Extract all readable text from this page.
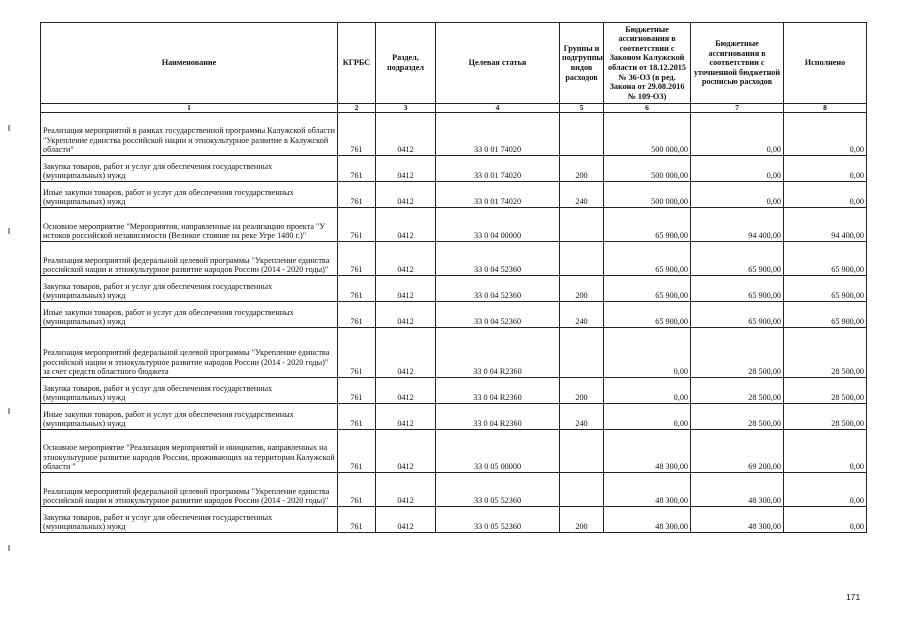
Наименование	КГРБС	Раздел, подраздел	Целевая статья	Группы и подгруппы видов расходов	Бюджетные ассигнования в соответствии с Законом Калужской области от 18.12.2015 № 36-ОЗ (в ред. Закона от 29.08.2016 № 109-ОЗ)	Бюджетные ассигнования в соответствии с уточненной бюджетной росписью расходов	Исполнено
1	2	3	4	5	6	7	8
Реализация мероприятий в рамках государственной программы Калужской области "Укрепление единства российской нации и этнокультурное развитие в Калужской области"	761	0412	33 0 01 74020		500 000,00	0,00	0,00
Закупка товаров, работ и услуг для обеспечения государственных (муниципальных) нужд	761	0412	33 0 01 74020	200	500 000,00	0,00	0,00
Иные закупки товаров, работ и услуг для обеспечения государственных (муниципальных) нужд	761	0412	33 0 01 74020	240	500 000,00	0,00	0,00
Основное мероприятие "Мероприятия, направленные на реализацию проекта "У истоков российской независимости (Великое стояние на реке Угре 1480 г.)"	761	0412	33 0 04 00000		65 900,00	94 400,00	94 400,00
Реализация мероприятий федеральной целевой программы "Укрепление единства российской нации и этнокультурное развитие народов России (2014 - 2020 годы)"	761	0412	33 0 04 52360		65 900,00	65 900,00	65 900,00
Закупка товаров, работ и услуг для обеспечения государственных (муниципальных) нужд	761	0412	33 0 04 52360	200	65 900,00	65 900,00	65 900,00
Иные закупки товаров, работ и услуг для обеспечения государственных (муниципальных) нужд	761	0412	33 0 04 52360	240	65 900,00	65 900,00	65 900,00
Реализация мероприятий федеральной целевой программы "Укрепление единства российской нации и этнокультурное развитие народов России (2014 - 2020 годы)" за счет средств областного бюджета	761	0412	33 0 04 R2360		0,00	28 500,00	28 500,00
Закупка товаров, работ и услуг для обеспечения государственных (муниципальных) нужд	761	0412	33 0 04 R2360	200	0,00	28 500,00	28 500,00
Иные закупки товаров, работ и услуг для обеспечения государственных (муниципальных) нужд	761	0412	33 0 04 R2360	240	0,00	28 500,00	28 500,00
Основное мероприятие "Реализация мероприятий и инициатив, направленных на этнокультурное развитие народов России, проживающих на территории Калужской области "	761	0412	33 0 05 00000		48 300,00	69 200,00	0,00
Реализация мероприятий федеральной целевой программы "Укрепление единства российской нации и этнокультурное развитие народов России (2014 - 2020 годы)"	761	0412	33 0 05 52360		48 300,00	48 300,00	0,00
Закупка товаров, работ и услуг для обеспечения государственных (муниципальных) нужд	761	0412	33 0 05 52360	200	48 300,00	48 300,00	0,00
171
